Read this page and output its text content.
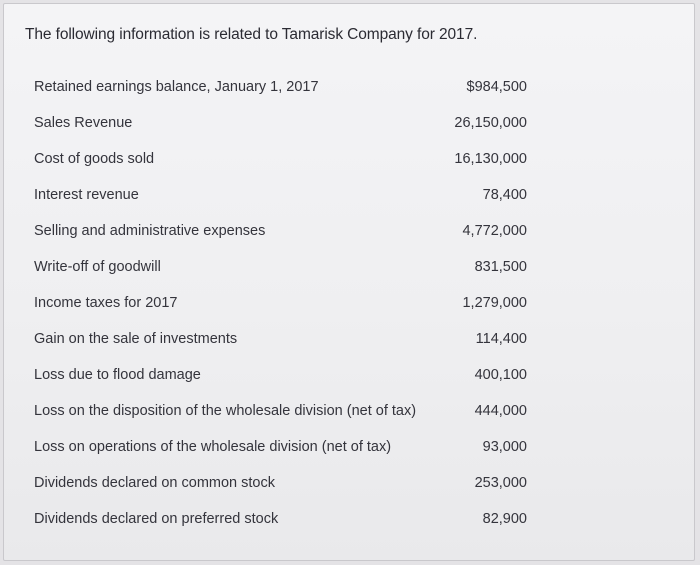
The following information is related to Tamarisk Company for 2017.
Retained earnings balance, January 1, 2017	$984,500
Sales Revenue	26,150,000
Cost of goods sold	16,130,000
Interest revenue	78,400
Selling and administrative expenses	4,772,000
Write-off of goodwill	831,500
Income taxes for 2017	1,279,000
Gain on the sale of investments	114,400
Loss due to flood damage	400,100
Loss on the disposition of the wholesale division (net of tax)	444,000
Loss on operations of the wholesale division (net of tax)	93,000
Dividends declared on common stock	253,000
Dividends declared on preferred stock	82,900
